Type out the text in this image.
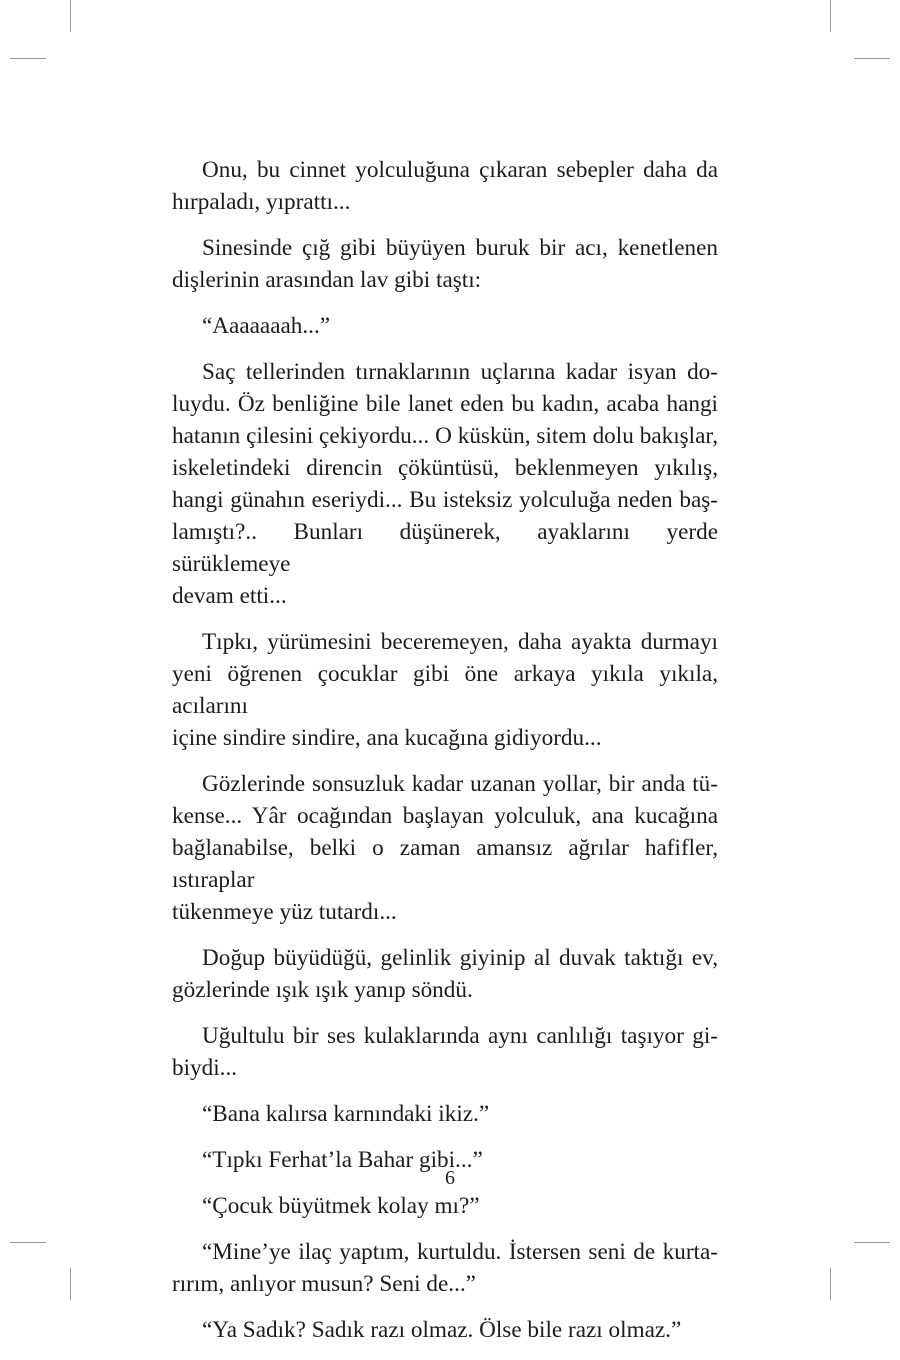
Onu, bu cinnet yolculuğuna çıkaran sebepler daha da
hırpaladı, yıprattı...

Sinesinde çığ gibi büyüyen buruk bir acı, kenetlenen
dişlerinin arasından lav gibi taştı:

“Aaaaaaah...”

Saç tellerinden tırnaklarının uçlarına kadar isyan do-
luydu. Öz benliğine bile lanet eden bu kadın, acaba hangi
hatanın çilesini çekiyordu... O küskün, sitem dolu bakışlar,
iskeletindeki direncin çöküntüsü, beklenmeyen yıkılış,
hangi günahın eseriydi... Bu isteksiz yolculuğa neden baş-
lamıştı?.. Bunları düşünerek, ayaklarını yerde sürüklemeye
devam etti...

Tıpkı, yürümesini beceremeyen, daha ayakta durmayı
yeni öğrenen çocuklar gibi öne arkaya yıkıla yıkıla, acılarını
içine sindire sindire, ana kucağına gidiyordu...

Gözlerinde sonsuzluk kadar uzanan yollar, bir anda tü-
kense... Yâr ocağından başlayan yolculuk, ana kucağına
bağlanabilse, belki o zaman amansız ağrılar hafifler, ıstıraplar
tükenmeye yüz tutardı...

Doğup büyüdüğü, gelinlik giyinip al duvak taktığı ev,
gözlerinde ışık ışık yanıp söndü.

Uğultulu bir ses kulaklarında aynı canlılığı taşıyor gi-
biydi...

“Bana kalırsa karnındaki ikiz.”

“Tıpkı Ferhat’la Bahar gibi...”

“Çocuk büyütmek kolay mı?”

“Mine’ye ilaç yaptım, kurtuldu. İstersen seni de kurta-
rırım, anlıyor musun? Seni de...”

“Ya Sadık? Sadık razı olmaz. Ölse bile razı olmaz.”

6
